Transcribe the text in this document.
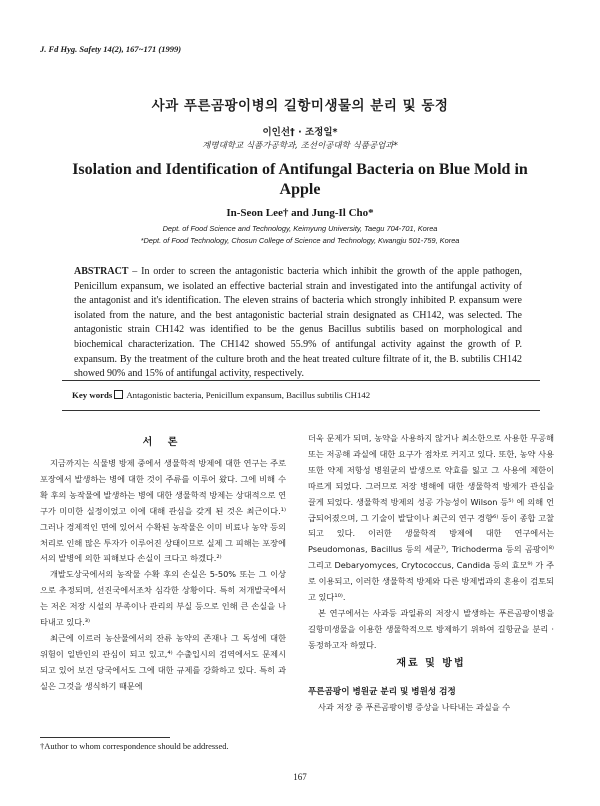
J. Fd Hyg. Safety 14(2), 167~171 (1999)
사과 푸른곰팡이병의 길항미생물의 분리 및 동정
이인선† · 조정일*
계명대학교 식품가공학과, 조선이공대학 식품공업과*
Isolation and Identification of Antifungal Bacteria on Blue Mold in Apple
In-Seon Lee† and Jung-Il Cho*
Dept. of Food Science and Technology, Keimyung University, Taegu 704-701, Korea
*Dept. of Food Technology, Chosun College of Science and Technology, Kwangju 501-759, Korea
ABSTRACT – In order to screen the antagonistic bacteria which inhibit the growth of the apple pathogen, Penicillum expansum, we isolated an effective bacterial strain and investigated into the antifungal activity of the antagonist and it's identification. The eleven strains of bacteria which strongly inhibited P. expansum were isolated from the nature, and the best antagonistic bacterial strain designated as CH142, was selected. The antagonistic strain CH142 was identified to be the genus Bacillus subtilis based on morphological and biochemical characterization. The CH142 showed 55.9% of antifungal activity against the growth of P. expansum. By the treatment of the culture broth and the heat treated culture filtrate of it, the B. subtilis CH142 showed 90% and 15% of antifungal activity, respectively.
Key words Antagonistic bacteria, Penicillum expansum, Bacillus subtilis CH142
서 론

지금까지는 식물병 방제 중에서 생물학적 방제에 대한 연구는 주로 포장에서 발생하는 병에 대한 것이 주류를 이루어 왔다. 그에 비해 수확 후의 농작물에 발생하는 병에 대한 생물학적 방제는 상대적으로 연구가 미미한 실정이었고 이에 대해 관심을 갖게 된 것은 최근이다.¹⁾ 그러나 경제적인 면에 있어서 수확된 농작물은 이미 비료나 농약 등의 처리로 인해 많은 투자가 이루어진 상태이므로 실제 그 피해는 포장에서의 발병에 의한 피해보다 손실이 크다고 하겠다.²⁾

개발도상국에서의 농작물 수확 후의 손실은 5-50% 또는 그 이상으로 추정되며, 선진국에서조차 심각한 상황이다. 특히 저개발국에서는 저온 저장 시설의 부족이나 관리의 부실 등으로 인해 큰 손실을 나타내고 있다.³⁾

최근에 이르러 농산물에서의 잔류 농약의 존재나 그 독성에 대한 위험이 일반인의 관심이 되고 있고,⁴⁾ 수출입시의 검역에서도 문제시되고 있어 보건 당국에서도 그에 대한 규제를 강화하고 있다. 특히 과실은 그것을 생식하기 때문에

더욱 문제가 되며, 농약을 사용하지 않거나 최소한으로 사용한 무공해 또는 저공해 과실에 대한 요구가 점차로 커지고 있다. 또한, 농약 사용 또한 약제 저항성 병원균의 발생으로 약효를 잃고 그 사용에 제한이 따르게 되었다. 그러므로 저장 병해에 대한 생물학적 방제가 관심을 끌게 되었다. 생물학적 방제의 성공 가능성이 Wilson 등⁵⁾ 에 의해 언급되어졌으며, 그 기술이 발달이나 최근의 연구 경향⁶⁾ 등이 종합 고찰되고 있다. 이러한 생물학적 방제에 대한 연구에서는 Pseudomonas, Bacillus 등의 세균⁷⁾, Trichoderma 등의 곰팡이⁸⁾ 그리고 Debaryomyces, Crytococcus, Candida 등의 효모⁹⁾ 가 주로 이용되고, 이러한 생물학적 방제와 다른 방제법과의 혼용이 검토되고 있다¹⁰⁾.

본 연구에서는 사과등 과일류의 저장시 발생하는 푸른곰팡이병을 길항미생물을 이용한 생물학적으로 방제하기 위하여 길항균을 분리 · 동정하고자 하였다.

재료 및 방법
푸른곰팡이 병원균 분리 및 병원성 검정
사과 저장 중 푸른곰팡이병 증상을 나타내는 과실을 수
†Author to whom correspondence should be addressed.
167
